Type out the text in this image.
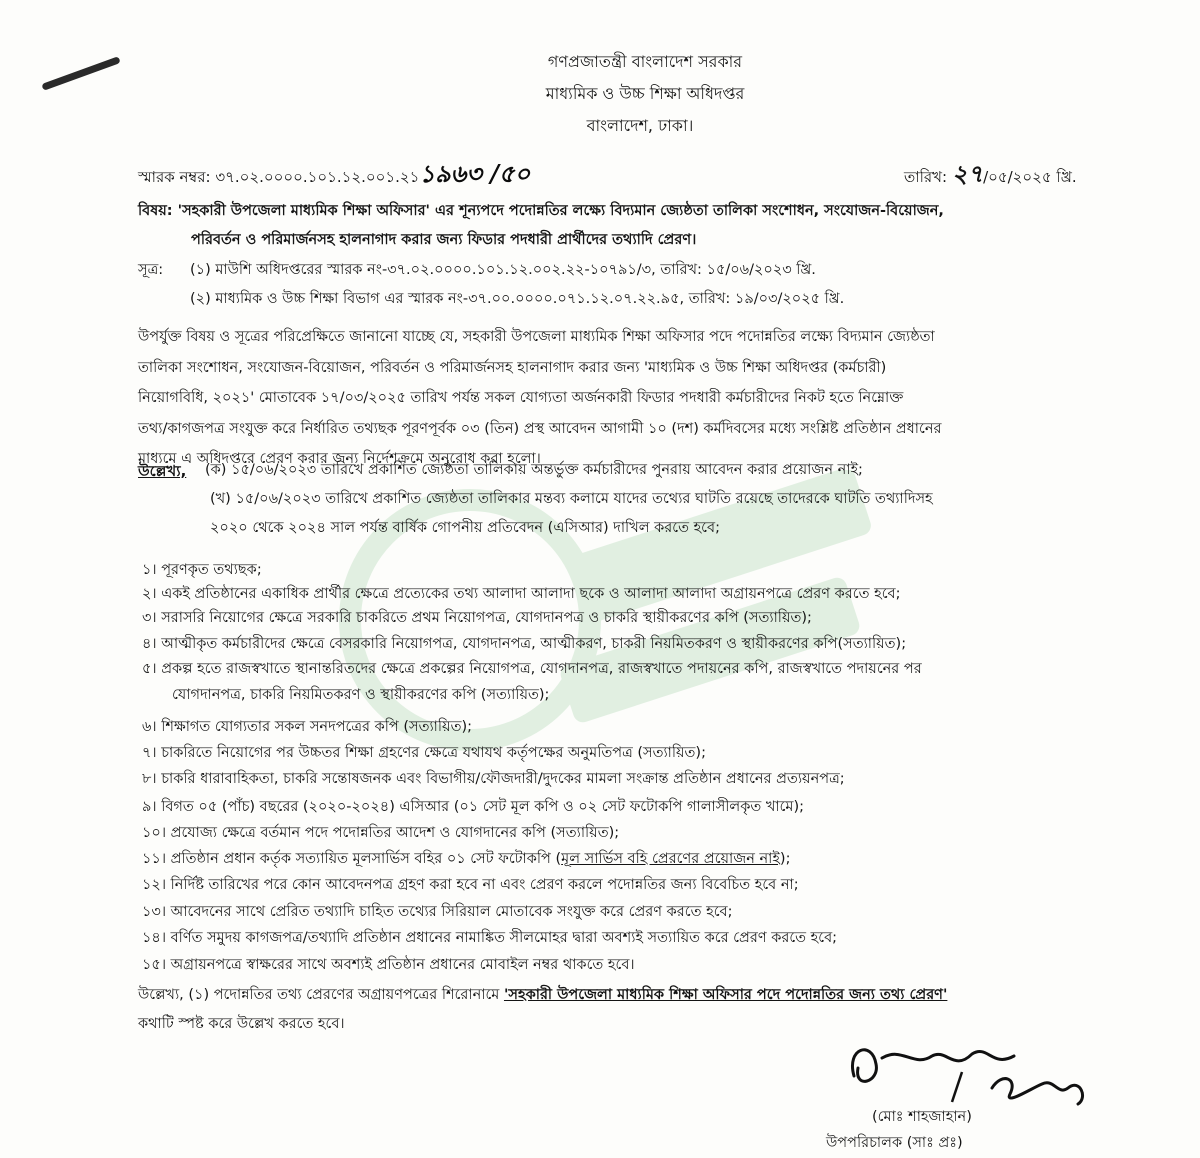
গণপ্রজাতন্ত্রী বাংলাদেশ সরকার
মাধ্যমিক ও উচ্চ শিক্ষা অধিদপ্তর
বাংলাদেশ, ঢাকা।
স্মারক নম্বর: ৩৭.০২.০০০০.১০১.১২.০০১.২১১৯৬৩ /৫০	তারিখ: ২৭/০৫/২০২৫ খ্রি.
বিষয়: 'সহকারী উপজেলা মাধ্যমিক শিক্ষা অফিসার' এর শূন্যপদে পদোন্নতির লক্ষ্যে বিদ্যমান জ্যেষ্ঠতা তালিকা সংশোধন, সংযোজন-বিয়োজন,
পরিবর্তন ও পরিমার্জনসহ হালনাগাদ করার জন্য ফিডার পদধারী প্রার্থীদের তথ্যাদি প্রেরণ।
সূত্র: (১) মাউশি অধিদপ্তরের স্মারক নং-৩৭.০২.০০০০.১০১.১২.০০২.২২-১০৭৯১/৩, তারিখ: ১৫/০৬/২০২৩ খ্রি.
(২) মাধ্যমিক ও উচ্চ শিক্ষা বিভাগ এর স্মারক নং-৩৭.০০.০০০০.০৭১.১২.০৭.২২.৯৫, তারিখ: ১৯/০৩/২০২৫ খ্রি.
উপর্যুক্ত বিষয় ও সূত্রের পরিপ্রেক্ষিতে জানানো যাচ্ছে যে, সহকারী উপজেলা মাধ্যমিক শিক্ষা অফিসার পদে পদোন্নতির লক্ষ্যে বিদ্যমান জ্যেষ্ঠতা
তালিকা সংশোধন, সংযোজন-বিয়োজন, পরিবর্তন ও পরিমার্জনসহ হালনাগাদ করার জন্য 'মাধ্যমিক ও উচ্চ শিক্ষা অধিদপ্তর (কর্মচারী)
নিয়োগবিধি, ২০২১' মোতাবেক ১৭/০৩/২০২৫ তারিখ পর্যন্ত সকল যোগ্যতা অর্জনকারী ফিডার পদধারী কর্মচারীদের নিকট হতে নিম্নোক্ত
তথ্য/কাগজপত্র সংযুক্ত করে নির্ধারিত তথ্যছক পূরণপূর্বক ০৩ (তিন) প্রস্থ আবেদন আগামী ১০ (দশ) কর্মদিবসের মধ্যে সংশ্লিষ্ট প্রতিষ্ঠান প্রধানের
মাধ্যমে এ অধিদপ্তরে প্রেরণ করার জন্য নির্দেশক্রমে অনুরোধ করা হলো।
উল্লেখ্য, (ক) ১৫/০৬/২০২৩ তারিখে প্রকাশিত জ্যেষ্ঠতা তালিকায় অন্তর্ভুক্ত কর্মচারীদের পুনরায় আবেদন করার প্রয়োজন নাই;
(খ) ১৫/০৬/২০২৩ তারিখে প্রকাশিত জ্যেষ্ঠতা তালিকার মন্তব্য কলামে যাদের তথ্যের ঘাটতি রয়েছে তাদেরকে ঘাটতি তথ্যাদিসহ
২০২০ থেকে ২০২৪ সাল পর্যন্ত বার্ষিক গোপনীয় প্রতিবেদন (এসিআর) দাখিল করতে হবে;
১। পূরণকৃত তথ্যছক;
২। একই প্রতিষ্ঠানের একাধিক প্রার্থীর ক্ষেত্রে প্রত্যেকের তথ্য আলাদা আলাদা ছকে ও আলাদা আলাদা অগ্রায়নপত্রে প্রেরণ করতে হবে;
৩। সরাসরি নিয়োগের ক্ষেত্রে সরকারি চাকরিতে প্রথম নিয়োগপত্র, যোগদানপত্র ও চাকরি স্থায়ীকরণের কপি (সত্যায়িত);
৪। আত্মীকৃত কর্মচারীদের ক্ষেত্রে বেসরকারি নিয়োগপত্র, যোগদানপত্র, আত্মীকরণ, চাকরী নিয়মিতকরণ ও স্থায়ীকরণের কপি(সত্যায়িত);
৫। প্রকল্প হতে রাজস্বখাতে স্থানান্তরিতদের ক্ষেত্রে প্রকল্পের নিয়োগপত্র, যোগদানপত্র, রাজস্বখাতে পদায়নের কপি, রাজস্বখাতে পদায়নের পর
যোগদানপত্র, চাকরি নিয়মিতকরণ ও স্থায়ীকরণের কপি (সত্যায়িত);
৬। শিক্ষাগত যোগ্যতার সকল সনদপত্রের কপি (সত্যায়িত);
৭। চাকরিতে নিয়োগের পর উচ্চতর শিক্ষা গ্রহণের ক্ষেত্রে যথাযথ কর্তৃপক্ষের অনুমতিপত্র (সত্যায়িত);
৮। চাকরি ধারাবাহিকতা, চাকরি সন্তোষজনক এবং বিভাগীয়/ফৌজদারী/দুদকের মামলা সংক্রান্ত প্রতিষ্ঠান প্রধানের প্রত্যয়নপত্র;
৯। বিগত ০৫ (পাঁচ) বছরের (২০২০-২০২৪) এসিআর (০১ সেট মূল কপি ও ০২ সেট ফটোকপি গালাসীলকৃত খামে);
১০। প্রযোজ্য ক্ষেত্রে বর্তমান পদে পদোন্নতির আদেশ ও যোগদানের কপি (সত্যায়িত);
১১। প্রতিষ্ঠান প্রধান কর্তৃক সত্যায়িত মূলসার্ভিস বহির ০১ সেট ফটোকপি (মূল সার্ভিস বহি প্রেরণের প্রয়োজন নাই);
১২। নির্দিষ্ট তারিখের পরে কোন আবেদনপত্র গ্রহণ করা হবে না এবং প্রেরণ করলে পদোন্নতির জন্য বিবেচিত হবে না;
১৩। আবেদনের সাথে প্রেরিত তথ্যাদি চাহিত তথ্যের সিরিয়াল মোতাবেক সংযুক্ত করে প্রেরণ করতে হবে;
১৪। বর্ণিত সমুদয় কাগজপত্র/তথ্যাদি প্রতিষ্ঠান প্রধানের নামাঙ্কিত সীলমোহর দ্বারা অবশ্যই সত্যায়িত করে প্রেরণ করতে হবে;
১৫। অগ্রায়নপত্রে স্বাক্ষরের সাথে অবশ্যই প্রতিষ্ঠান প্রধানের মোবাইল নম্বর থাকতে হবে।
উল্লেখ্য, (১) পদোন্নতির তথ্য প্রেরণের অগ্রায়ণপত্রের শিরোনামে 'সহকারী উপজেলা মাধ্যমিক শিক্ষা অফিসার পদে পদোন্নতির জন্য তথ্য প্রেরণ'
কথাটি স্পষ্ট করে উল্লেখ করতে হবে।
(মোঃ শাহজাহান)
উপপরিচালক (সাঃ প্রঃ)
